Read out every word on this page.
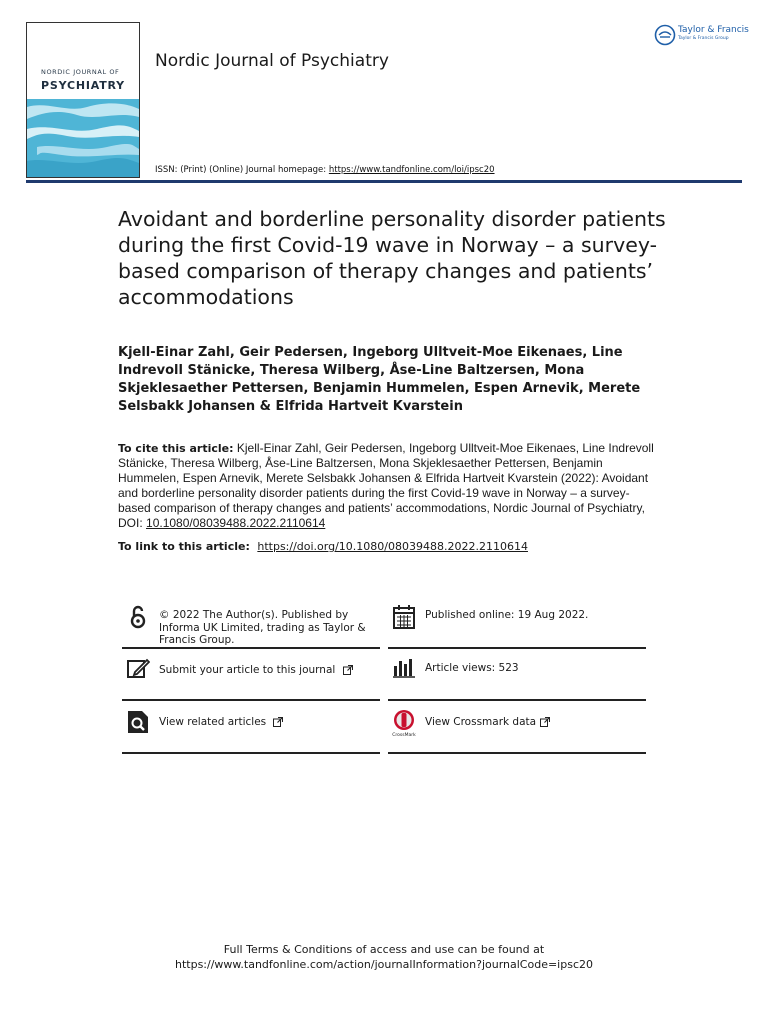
NORDIC JOURNAL OF
PSYCHIATRY
Nordic Journal of Psychiatry
Taylor & Francis
Taylor & Francis Group
ISSN: (Print) (Online) Journal homepage: https://www.tandfonline.com/loi/ipsc20
Avoidant and borderline personality disorder patients during the first Covid-19 wave in Norway – a survey-based comparison of therapy changes and patients’ accommodations
Kjell-Einar Zahl, Geir Pedersen, Ingeborg Ulltveit-Moe Eikenaes, Line Indrevoll Stänicke, Theresa Wilberg, Åse-Line Baltzersen, Mona Skjeklesaether Pettersen, Benjamin Hummelen, Espen Arnevik, Merete Selsbakk Johansen & Elfrida Hartveit Kvarstein
To cite this article: Kjell-Einar Zahl, Geir Pedersen, Ingeborg Ulltveit-Moe Eikenaes, Line Indrevoll Stänicke, Theresa Wilberg, Åse-Line Baltzersen, Mona Skjeklesaether Pettersen, Benjamin Hummelen, Espen Arnevik, Merete Selsbakk Johansen & Elfrida Hartveit Kvarstein (2022): Avoidant and borderline personality disorder patients during the first Covid-19 wave in Norway – a survey-based comparison of therapy changes and patients’ accommodations, Nordic Journal of Psychiatry, DOI: 10.1080/08039488.2022.2110614
To link to this article: https://doi.org/10.1080/08039488.2022.2110614
© 2022 The Author(s). Published by Informa UK Limited, trading as Taylor & Francis Group.
Published online: 19 Aug 2022.
Submit your article to this journal	Article views: 523
View related articles
CrossMark
View Crossmark data
Full Terms & Conditions of access and use can be found at
https://www.tandfonline.com/action/journalInformation?journalCode=ipsc20
